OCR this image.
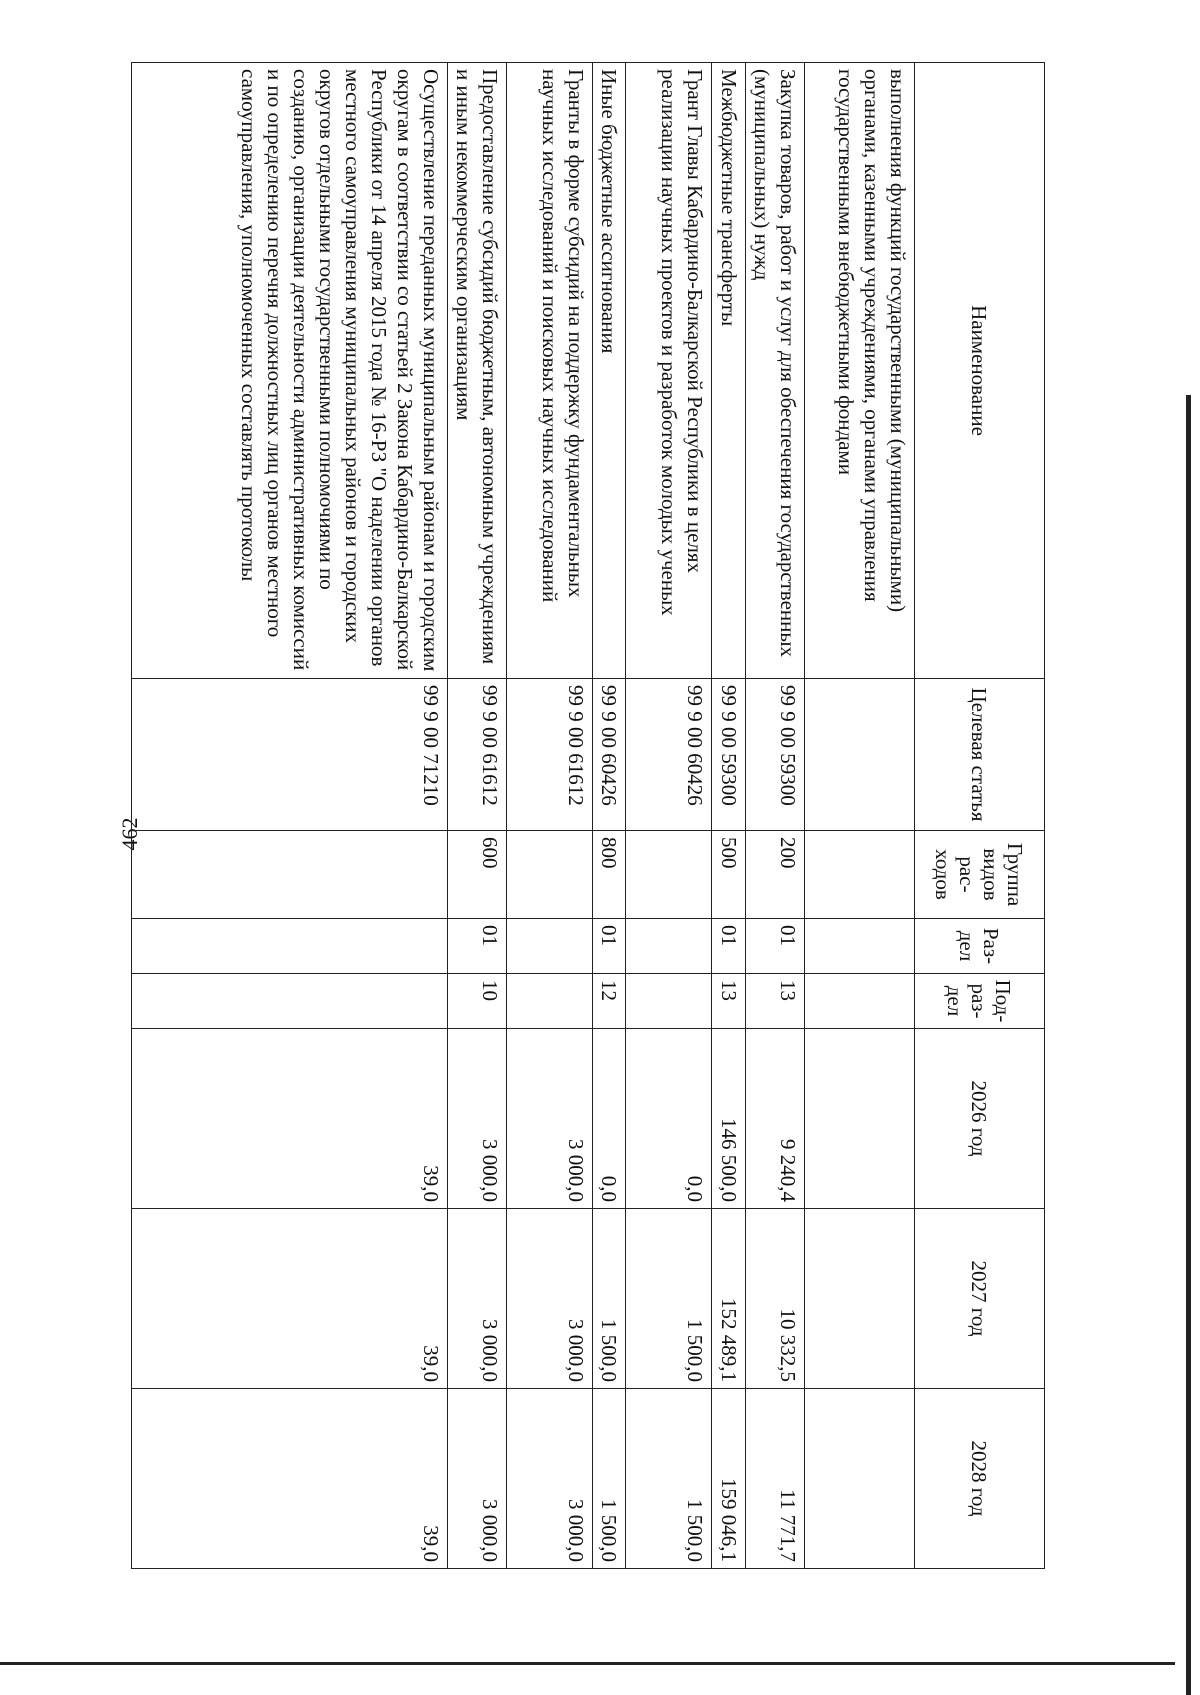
462
Наименование	Целевая статья	Группа видов рас-ходов	Раз-дел	Под-раз-дел	2026 год	2027 год	2028 год
выполнения функций государственными (муниципальными) органами, казенными учреждениями, органами управления государственными внебюджетными фондами							
Закупка товаров, работ и услуг для обеспечения государственных (муниципальных) нужд	99 9 00 59300	200	01	13	9 240,4	10 332,5	11 771,7
Межбюджетные трансферты	99 9 00 59300	500	01	13	146 500,0	152 489,1	159 046,1
Грант Главы Кабардино-Балкарской Республики в целях реализации научных проектов и разработок молодых ученых	99 9 00 60426				0,0	1 500,0	1 500,0
Иные бюджетные ассигнования	99 9 00 60426	800	01	12	0,0	1 500,0	1 500,0
Гранты в форме субсидий на поддержку фундаментальных научных исследований и поисковых научных исследований	99 9 00 61612				3 000,0	3 000,0	3 000,0
Предоставление субсидий бюджетным, автономным учреждениям и иным некоммерческим организациям	99 9 00 61612	600	01	10	3 000,0	3 000,0	3 000,0
Осуществление переданных муниципальным районам и городским округам в соответствии со статьей 2 Закона Кабардино-Балкарской Республики от 14 апреля 2015 года № 16-РЗ "О наделении органов местного самоуправления муниципальных районов и городских округов отдельными государственными полномочиями по созданию, организации деятельности административных комиссий и по определению перечня должностных лиц органов местного самоуправления, уполномоченных составлять протоколы	99 9 00 71210				39,0	39,0	39,0
